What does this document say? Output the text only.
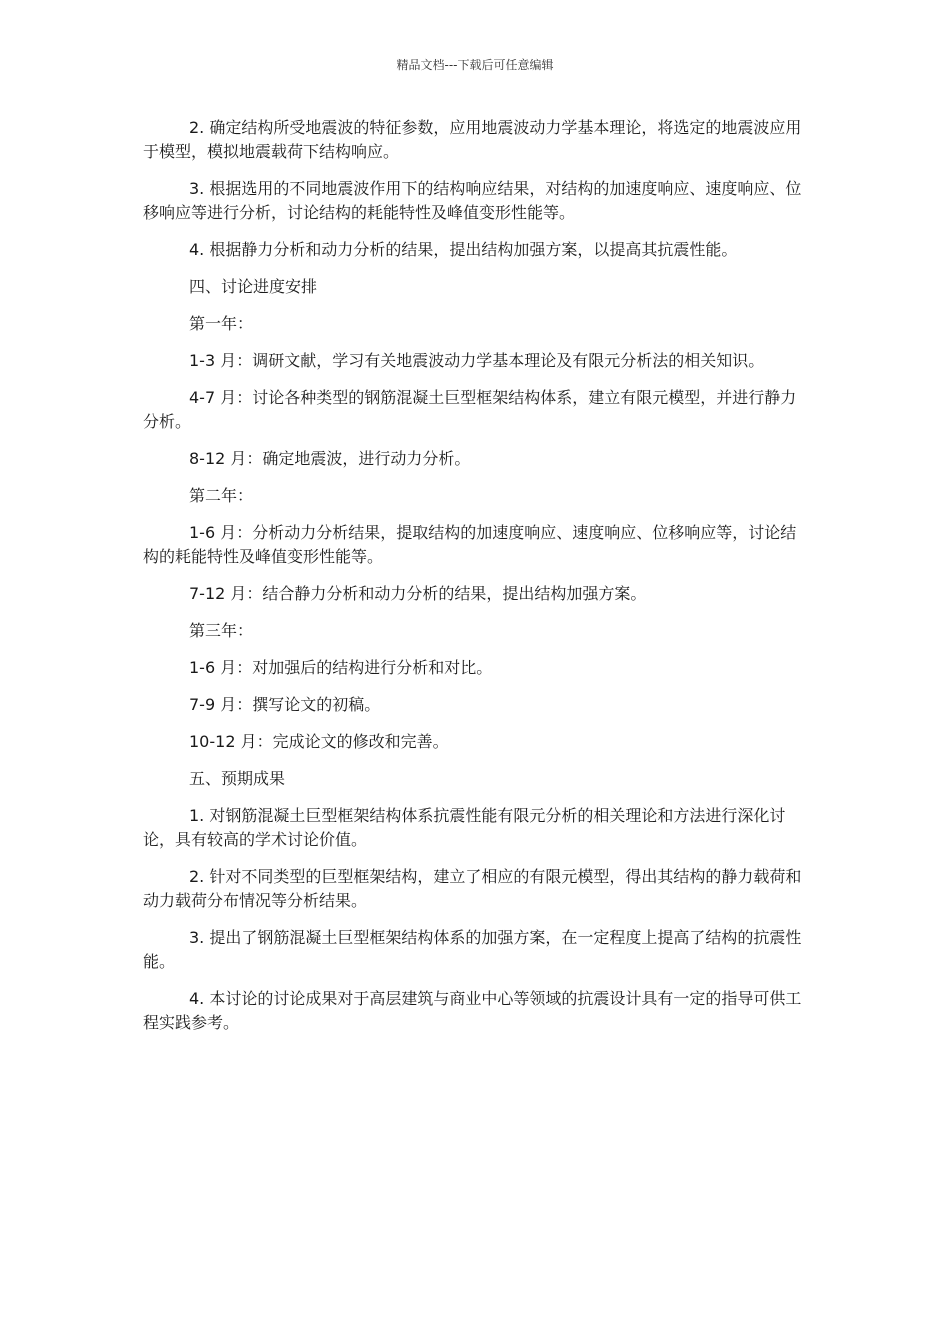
精品文档---下载后可任意编辑

2. 确定结构所受地震波的特征参数，应用地震波动力学基本理论，将选定的地震波应用于模型，模拟地震载荷下结构响应。

3. 根据选用的不同地震波作用下的结构响应结果，对结构的加速度响应、速度响应、位移响应等进行分析，讨论结构的耗能特性及峰值变形性能等。

4. 根据静力分析和动力分析的结果，提出结构加强方案，以提高其抗震性能。

四、讨论进度安排

第一年：

1-3 月：调研文献，学习有关地震波动力学基本理论及有限元分析法的相关知识。

4-7 月：讨论各种类型的钢筋混凝土巨型框架结构体系，建立有限元模型，并进行静力分析。

8-12 月：确定地震波，进行动力分析。

第二年：

1-6 月：分析动力分析结果，提取结构的加速度响应、速度响应、位移响应等，讨论结构的耗能特性及峰值变形性能等。

7-12 月：结合静力分析和动力分析的结果，提出结构加强方案。

第三年：

1-6 月：对加强后的结构进行分析和对比。

7-9 月：撰写论文的初稿。

10-12 月：完成论文的修改和完善。

五、预期成果

1. 对钢筋混凝土巨型框架结构体系抗震性能有限元分析的相关理论和方法进行深化讨论，具有较高的学术讨论价值。

2. 针对不同类型的巨型框架结构，建立了相应的有限元模型，得出其结构的静力载荷和动力载荷分布情况等分析结果。

3. 提出了钢筋混凝土巨型框架结构体系的加强方案，在一定程度上提高了结构的抗震性能。

4. 本讨论的讨论成果对于高层建筑与商业中心等领域的抗震设计具有一定的指导可供工程实践参考。
